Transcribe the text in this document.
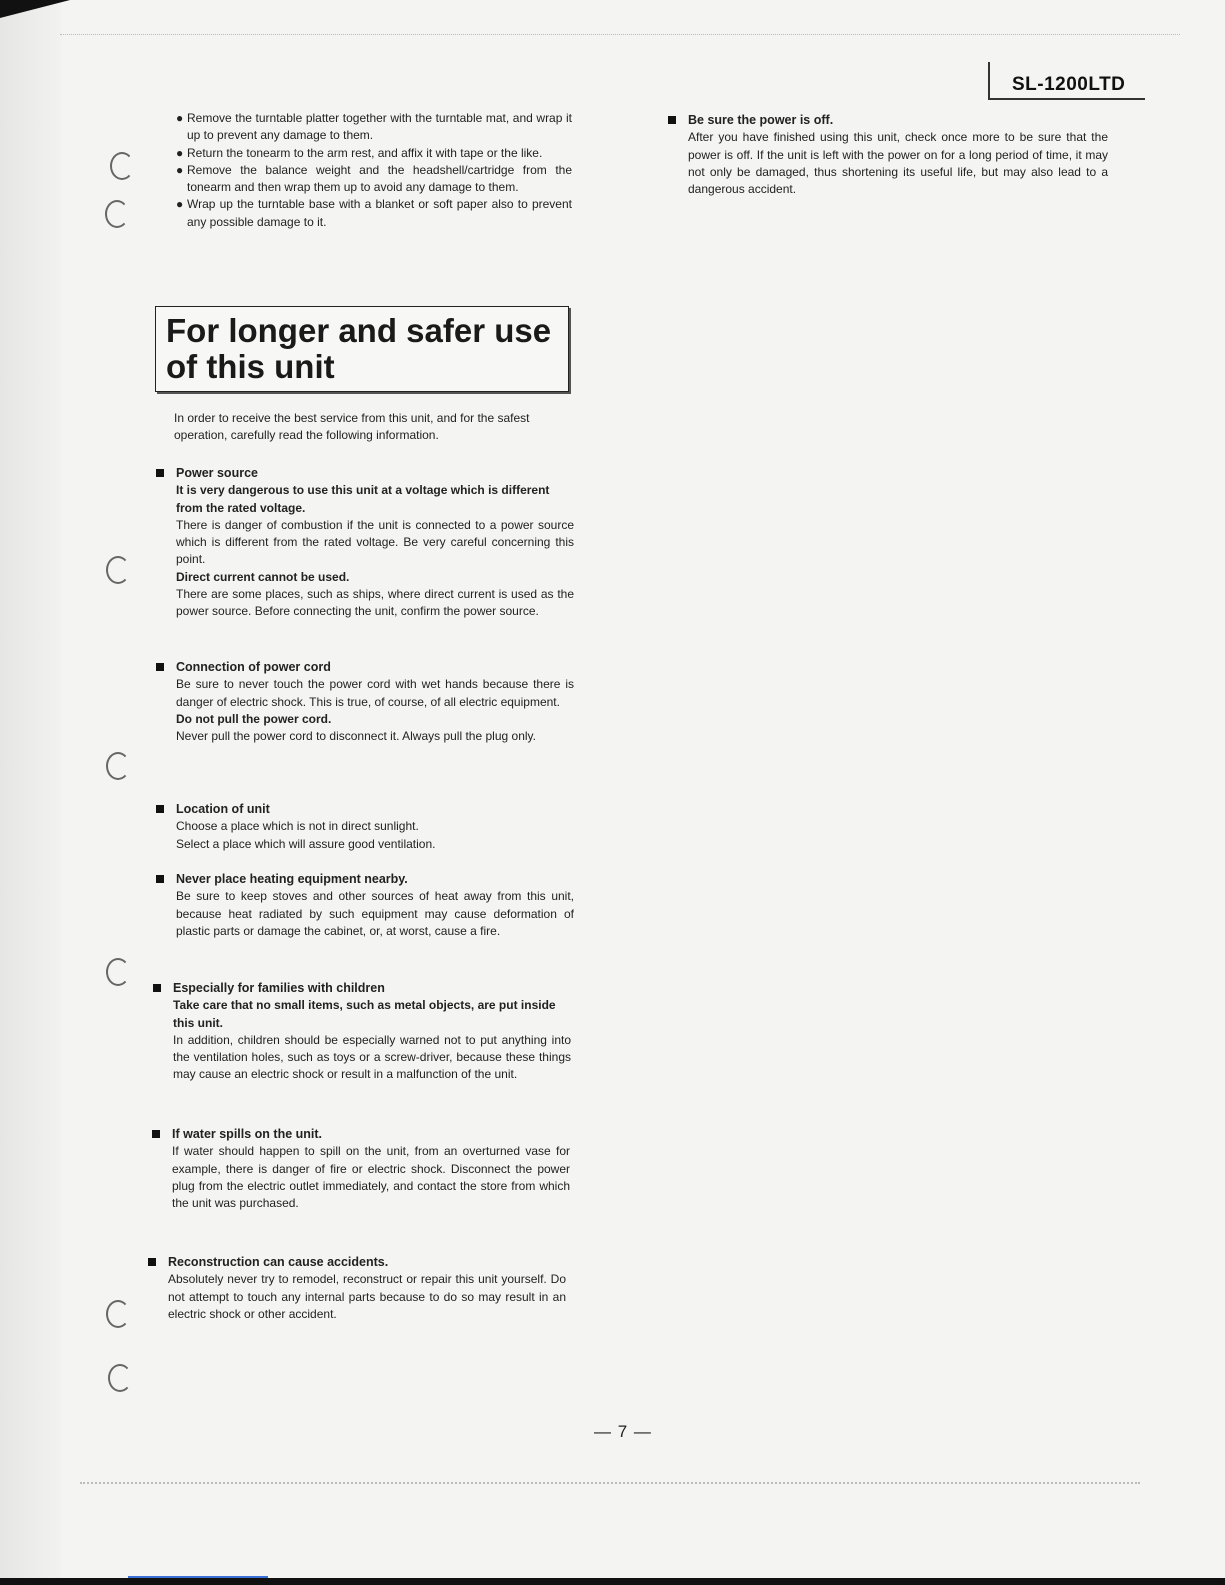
SL-1200LTD
● Remove the turntable platter together with the turntable mat, and wrap it up to prevent any damage to them.
● Return the tonearm to the arm rest, and affix it with tape or the like.
● Remove the balance weight and the headshell/cartridge from the tonearm and then wrap them up to avoid any damage to them.
● Wrap up the turntable base with a blanket or soft paper also to prevent any possible damage to it.
For longer and safer use of this unit

In order to receive the best service from this unit, and for the safest operation, carefully read the following information.

Power source

It is very dangerous to use this unit at a voltage which is different from the rated voltage.

There is danger of combustion if the unit is connected to a power source which is different from the rated voltage. Be very careful concerning this point.

Direct current cannot be used.

There are some places, such as ships, where direct current is used as the power source. Before connecting the unit, confirm the power source.

Connection of power cord

Be sure to never touch the power cord with wet hands because there is danger of electric shock. This is true, of course, of all electric equipment.

Do not pull the power cord.

Never pull the power cord to disconnect it. Always pull the plug only.

Location of unit

Choose a place which is not in direct sunlight.

Select a place which will assure good ventilation.

Never place heating equipment nearby.

Be sure to keep stoves and other sources of heat away from this unit, because heat radiated by such equipment may cause deformation of plastic parts or damage the cabinet, or, at worst, cause a fire.

Especially for families with children

Take care that no small items, such as metal objects, are put inside this unit.

In addition, children should be especially warned not to put anything into the ventilation holes, such as toys or a screw-driver, because these things may cause an electric shock or result in a malfunction of the unit.

If water spills on the unit.

If water should happen to spill on the unit, from an overturned vase for example, there is danger of fire or electric shock. Disconnect the power plug from the electric outlet immediately, and contact the store from which the unit was purchased.

Reconstruction can cause accidents.

Absolutely never try to remodel, reconstruct or repair this unit yourself. Do not attempt to touch any internal parts because to do so may result in an electric shock or other accident.

Be sure the power is off.

After you have finished using this unit, check once more to be sure that the power is off. If the unit is left with the power on for a long period of time, it may not only be damaged, thus shortening its useful life, but may also lead to a dangerous accident.

— 7 —
